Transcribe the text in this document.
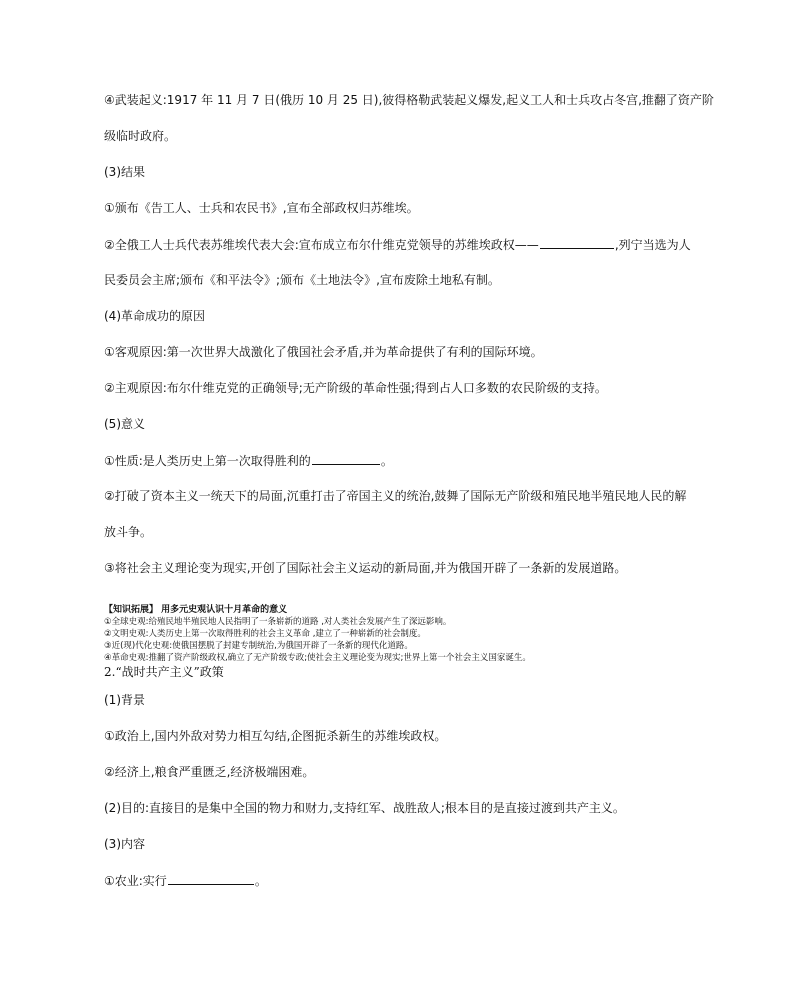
④武装起义:1917 年 11 月 7 日(俄历 10 月 25 日),彼得格勒武装起义爆发,起义工人和士兵攻占冬宫,推翻了资产阶
级临时政府。
(3)结果
①颁布《告工人、士兵和农民书》,宣布全部政权归苏维埃。
②全俄工人士兵代表苏维埃代表大会:宣布成立布尔什维克党领导的苏维埃政权——	,列宁当选为人
民委员会主席;颁布《和平法令》;颁布《土地法令》,宣布废除土地私有制。
(4)革命成功的原因
①客观原因:第一次世界大战激化了俄国社会矛盾,并为革命提供了有利的国际环境。
②主观原因:布尔什维克党的正确领导;无产阶级的革命性强;得到占人口多数的农民阶级的支持。
(5)意义
①性质:是人类历史上第一次取得胜利的	。
②打破了资本主义一统天下的局面,沉重打击了帝国主义的统治,鼓舞了国际无产阶级和殖民地半殖民地人民的解
放斗争。
③将社会主义理论变为现实,开创了国际社会主义运动的新局面,并为俄国开辟了一条新的发展道路。
【知识拓展】 用多元史观认识十月革命的意义
①全球史观:给殖民地半殖民地人民指明了一条崭新的道路 ,对人类社会发展产生了深远影响。
②文明史观:人类历史上第一次取得胜利的社会主义革命 ,建立了一种崭新的社会制度。
③近(现)代化史观:使俄国摆脱了封建专制统治,为俄国开辟了一条新的现代化道路。
④革命史观:推翻了资产阶级政权,确立了无产阶级专政;使社会主义理论变为现实;世界上第一个社会主义国家诞生。
2.“战时共产主义”政策
(1)背景
①政治上,国内外敌对势力相互勾结,企图扼杀新生的苏维埃政权。
②经济上,粮食严重匮乏,经济极端困难。
(2)目的:直接目的是集中全国的物力和财力,支持红军、战胜敌人;根本目的是直接过渡到共产主义。
(3)内容
①农业:实行	。
